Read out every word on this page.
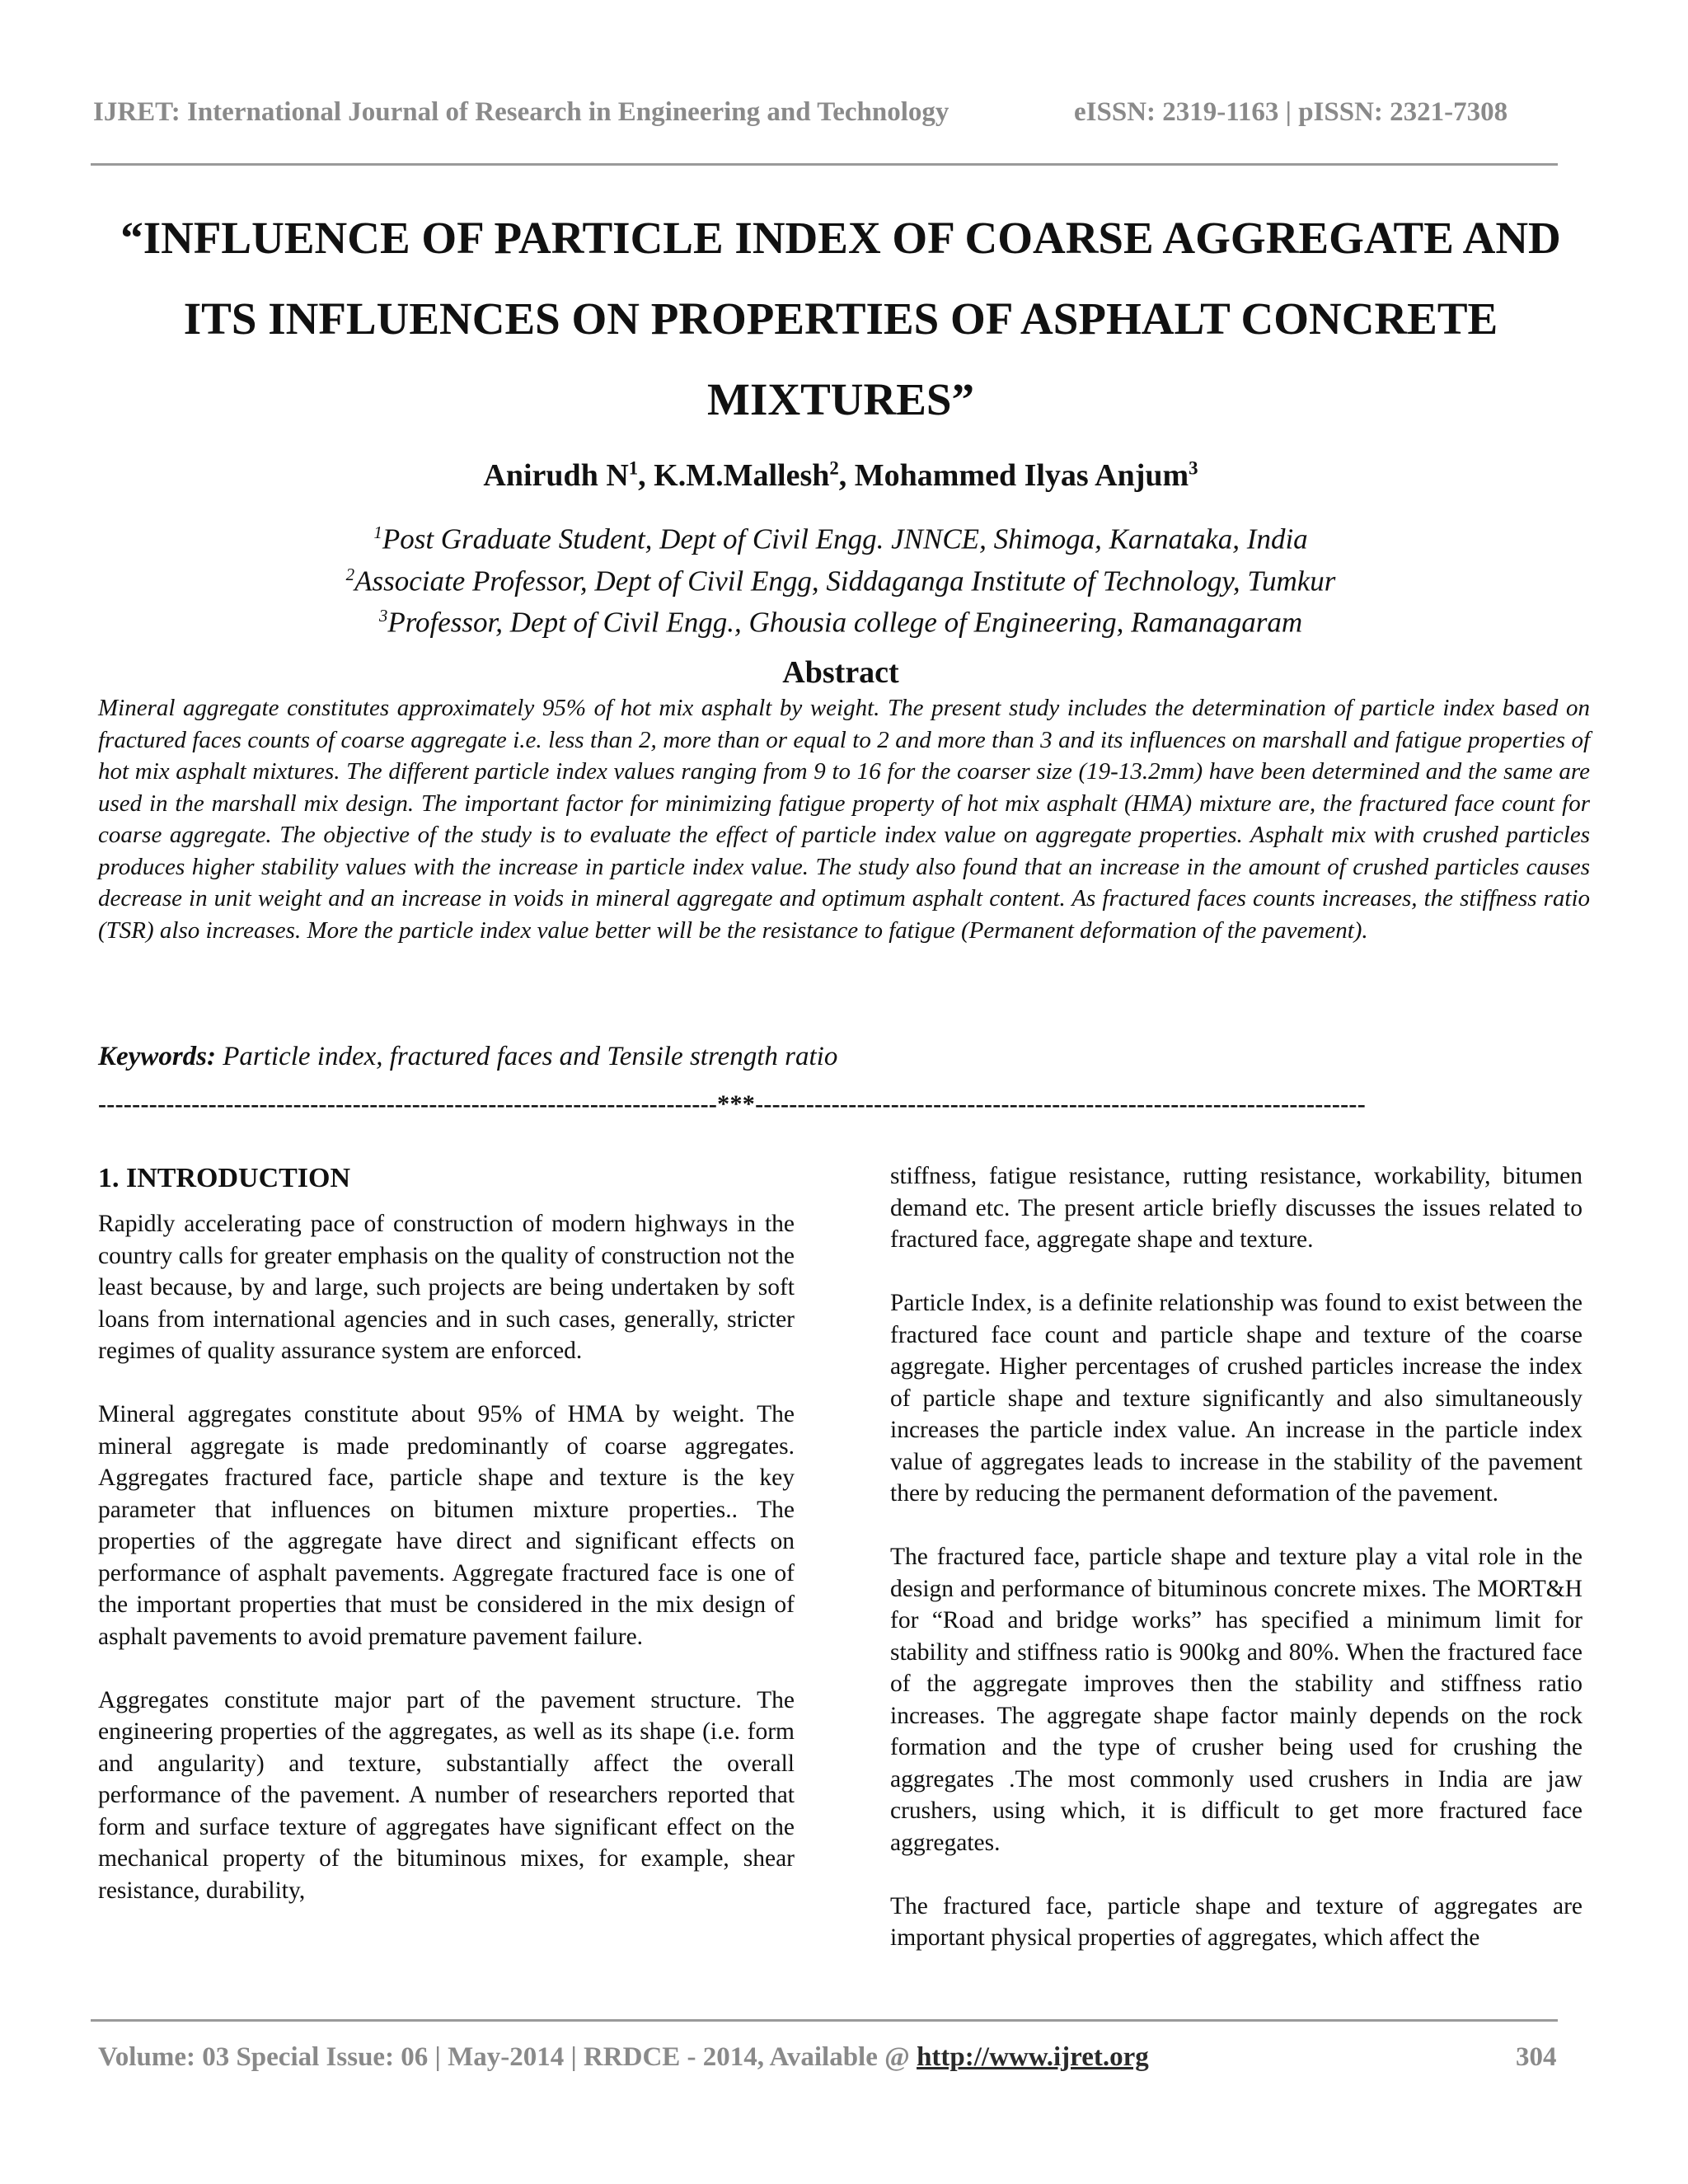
IJRET: International Journal of Research in Engineering and Technology	eISSN: 2319-1163 | pISSN: 2321-7308
“INFLUENCE OF PARTICLE INDEX OF COARSE AGGREGATE AND
ITS INFLUENCES ON PROPERTIES OF ASPHALT CONCRETE
MIXTURES”
Anirudh $N^1$, K.M.Mallesh$^2$, Mohammed Ilyas Anjum$^3$
$^1$Post Graduate Student, Dept of Civil Engg. JNNCE, Shimoga, Karnataka, India
$^2$Associate Professor, Dept of Civil Engg, Siddaganga Institute of Technology, Tumkur
$^3$Professor, Dept of Civil Engg., Ghousia college of Engineering, Ramanagaram
Abstract
Mineral aggregate constitutes approximately 95% of hot mix asphalt by weight. The present study includes the determination of particle index based on fractured faces counts of coarse aggregate i.e. less than 2, more than or equal to 2 and more than 3 and its influences on marshall and fatigue properties of hot mix asphalt mixtures. The different particle index values ranging from 9 to 16 for the coarser size (19-13.2mm) have been determined and the same are used in the marshall mix design. The important factor for minimizing fatigue property of hot mix asphalt (HMA) mixture are, the fractured face count for coarse aggregate. The objective of the study is to evaluate the effect of particle index value on aggregate properties. Asphalt mix with crushed particles produces higher stability values with the increase in particle index value. The study also found that an increase in the amount of crushed particles causes decrease in unit weight and an increase in voids in mineral aggregate and optimum asphalt content. As fractured faces counts increases, the stiffness ratio (TSR) also increases. More the particle index value better will be the resistance to fatigue (Permanent deformation of the pavement).
Keywords: Particle index, fractured faces and Tensile strength ratio
-------------------------------------------------------------------------***------------------------------------------------------------------------
1. INTRODUCTION

Rapidly accelerating pace of construction of modern highways in the country calls for greater emphasis on the quality of construction not the least because, by and large, such projects are being undertaken by soft loans from international agencies and in such cases, generally, stricter regimes of quality assurance system are enforced.

Mineral aggregates constitute about 95% of HMA by weight. The mineral aggregate is made predominantly of coarse aggregates. Aggregates fractured face, particle shape and texture is the key parameter that influences on bitumen mixture properties.. The properties of the aggregate have direct and significant effects on performance of asphalt pavements. Aggregate fractured face is one of the important properties that must be considered in the mix design of asphalt pavements to avoid premature pavement failure.

Aggregates constitute major part of the pavement structure. The engineering properties of the aggregates, as well as its shape (i.e. form and angularity) and texture, substantially affect the overall performance of the pavement. A number of researchers reported that form and surface texture of aggregates have significant effect on the mechanical property of the bituminous mixes, for example, shear resistance, durability,

stiffness, fatigue resistance, rutting resistance, workability, bitumen demand etc. The present article briefly discusses the issues related to fractured face, aggregate shape and texture.

Particle Index, is a definite relationship was found to exist between the fractured face count and particle shape and texture of the coarse aggregate. Higher percentages of crushed particles increase the index of particle shape and texture significantly and also simultaneously increases the particle index value. An increase in the particle index value of aggregates leads to increase in the stability of the pavement there by reducing the permanent deformation of the pavement.

The fractured face, particle shape and texture play a vital role in the design and performance of bituminous concrete mixes. The MORT&H for “Road and bridge works” has specified a minimum limit for stability and stiffness ratio is 900kg and 80%. When the fractured face of the aggregate improves then the stability and stiffness ratio increases. The aggregate shape factor mainly depends on the rock formation and the type of crusher being used for crushing the aggregates .The most commonly used crushers in India are jaw crushers, using which, it is difficult to get more fractured face aggregates.

The fractured face, particle shape and texture of aggregates are important physical properties of aggregates, which affect the

Volume: 03 Special Issue: 06 | May-2014 | RRDCE - 2014, Available @ http://www.ijret.org	304
